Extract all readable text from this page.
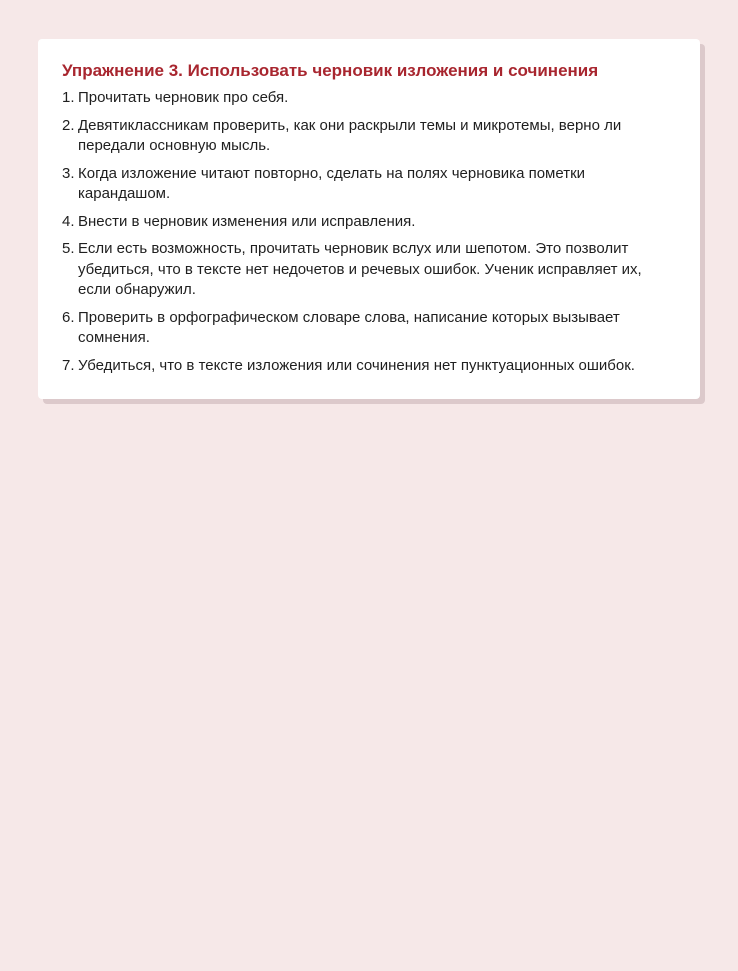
Упражнение 3. Использовать черновик изложения и сочинения
1. Прочитать черновик про себя.
2. Девятиклассникам проверить, как они раскрыли темы и микротемы, верно ли передали основную мысль.
3. Когда изложение читают повторно, сделать на полях черновика пометки карандашом.
4. Внести в черновик изменения или исправления.
5. Если есть возможность, прочитать черновик вслух или шепотом. Это позволит убедиться, что в тексте нет недочетов и речевых ошибок. Ученик исправляет их, если обнаружил.
6. Проверить в орфографическом словаре слова, написание которых вызывает сомнения.
7. Убедиться, что в тексте изложения или сочинения нет пунктуационных ошибок.
